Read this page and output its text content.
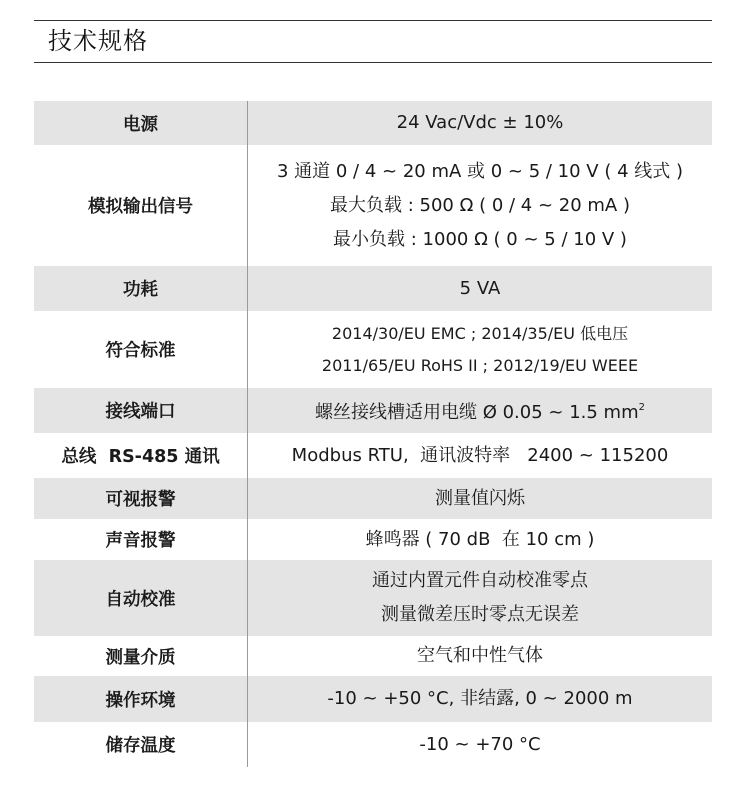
技术规格
电源	24 Vac/Vdc ± 10%

模拟输出信号	3 通道 0 / 4 ~ 20 mA 或 0 ~ 5 / 10 V ( 4 线式 )
最大负载 : 500 Ω ( 0 / 4 ~ 20 mA )
最小负载 : 1000 Ω ( 0 ~ 5 / 10 V )

功耗	5 VA

符合标准	2014/30/EU EMC ; 2014/35/EU 低电压
2011/65/EU RoHS II ; 2012/19/EU WEEE

接线端口	螺丝接线槽适用电缆 Ø 0.05 ~ 1.5 $mm^2$

总线  RS-485 通讯	Modbus RTU,  通讯波特率   2400 ~ 115200

可视报警	测量值闪烁

声音报警	蜂鸣器 ( 70 dB  在 10 cm )

自动校准	通过内置元件自动校准零点
测量微差压时零点无误差

测量介质	空气和中性气体

操作环境	-10 ~ +50 °C, 非结露, 0 ~ 2000 m

储存温度	-10 ~ +70 °C
